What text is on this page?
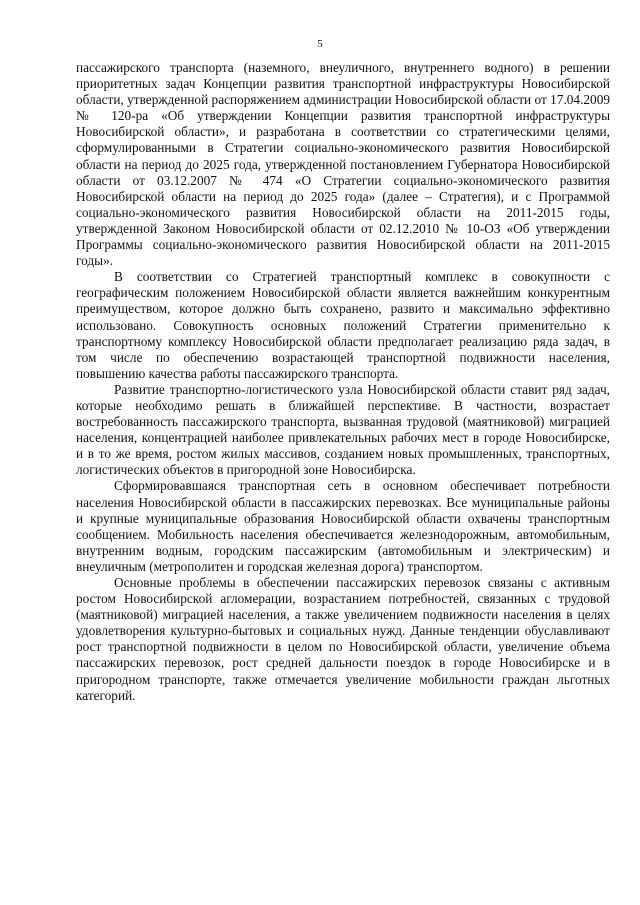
5

пассажирского транспорта (наземного, внеуличного, внутреннего водного) в решении приоритетных задач Концепции развития транспортной инфраструктуры Новосибирской области, утвержденной распоряжением администрации Новосибирской области от 17.04.2009 № 120-ра «Об утверждении Концепции развития транспортной инфраструктуры Новосибирской области», и разработана в соответствии со стратегическими целями, сформулированными в Стратегии социально-экономического развития Новосибирской области на период до 2025 года, утвержденной постановлением Губернатора Новосибирской области от 03.12.2007 № 474 «О Стратегии социально-экономического развития Новосибирской области на период до 2025 года» (далее – Стратегия), и с Программой социально-экономического развития Новосибирской области на 2011-2015 годы, утвержденной Законом Новосибирской области от 02.12.2010 № 10-ОЗ «Об утверждении Программы социально-экономического развития Новосибирской области на 2011-2015 годы».

В соответствии со Стратегией транспортный комплекс в совокупности с географическим положением Новосибирской области является важнейшим конкурентным преимуществом, которое должно быть сохранено, развито и максимально эффективно использовано. Совокупность основных положений Стратегии применительно к транспортному комплексу Новосибирской области предполагает реализацию ряда задач, в том числе по обеспечению возрастающей транспортной подвижности населения, повышению качества работы пассажирского транспорта.

Развитие транспортно-логистического узла Новосибирской области ставит ряд задач, которые необходимо решать в ближайшей перспективе. В частности, возрастает востребованность пассажирского транспорта, вызванная трудовой (маятниковой) миграцией населения, концентрацией наиболее привлекательных рабочих мест в городе Новосибирске, и в то же время, ростом жилых массивов, созданием новых промышленных, транспортных, логистических объектов в пригородной зоне Новосибирска.

Сформировавшаяся транспортная сеть в основном обеспечивает потребности населения Новосибирской области в пассажирских перевозках. Все муниципальные районы и крупные муниципальные образования Новосибирской области охвачены транспортным сообщением. Мобильность населения обеспечивается железнодорожным, автомобильным, внутренним водным, городским пассажирским (автомобильным и электрическим) и внеуличным (метрополитен и городская железная дорога) транспортом.

Основные проблемы в обеспечении пассажирских перевозок связаны с активным ростом Новосибирской агломерации, возрастанием потребностей, связанных с трудовой (маятниковой) миграцией населения, а также увеличением подвижности населения в целях удовлетворения культурно-бытовых и социальных нужд. Данные тенденции обуславливают рост транспортной подвижности в целом по Новосибирской области, увеличение объема пассажирских перевозок, рост средней дальности поездок в городе Новосибирске и в пригородном транспорте, также отмечается увеличение мобильности граждан льготных категорий.
